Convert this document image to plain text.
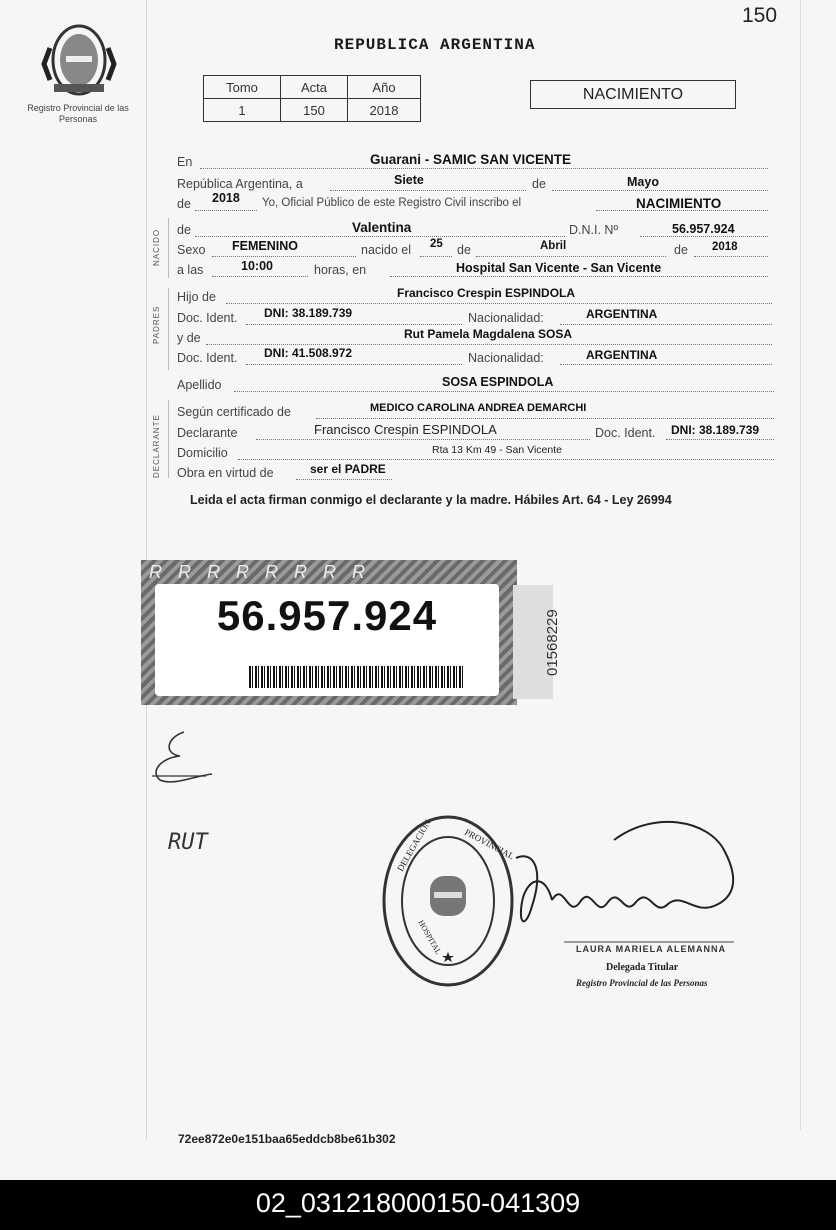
150
Registro Provincial de las Personas
REPUBLICA ARGENTINA
Tomo	Acta	Año
1	150	2018
NACIMIENTO
En	Guarani - SAMIC SAN VICENTE
República Argentina, a	Siete	de	Mayo
de 2018 Yo, Oficial Público de este Registro Civil inscribo el	NACIMIENTO
NACIDO de	Valentina	D.N.I. Nº	56.957.924
Sexo FEMENINO	nacido el 25 de	Abril	de 2018
a las	10:00	horas, en	Hospital San Vicente - San Vicente
PADRES
Hijo de	Francisco Crespin ESPINDOLA
Doc. Ident. DNI: 38.189.739	Nacionalidad:	ARGENTINA
y de	Rut Pamela Magdalena SOSA
Doc. Ident. DNI: 41.508.972	Nacionalidad:	ARGENTINA
Apellido	SOSA ESPINDOLA
DECLARANTE
Según certificado de	MEDICO CAROLINA ANDREA DEMARCHI
Declarante	Francisco Crespin ESPINDOLA	Doc. Ident. DNI: 38.189.739
Domicilio	Rta 13 Km 49 - San Vicente
Obra en virtud de	ser el PADRE
Leida el acta firman conmigo el declarante y la madre. Hábiles Art. 64 - Ley 26994
RRRRRRRR
56.957.924	01568229
RUT	DELEGACION	PROVINCIAL
HOSPITAL	LAURA MARIELA ALEMANNA
Delegada Titular
Registro Provincial de las Personas
72ee872e0e151baa65eddcb8be61b302
02_031218000150-041309
